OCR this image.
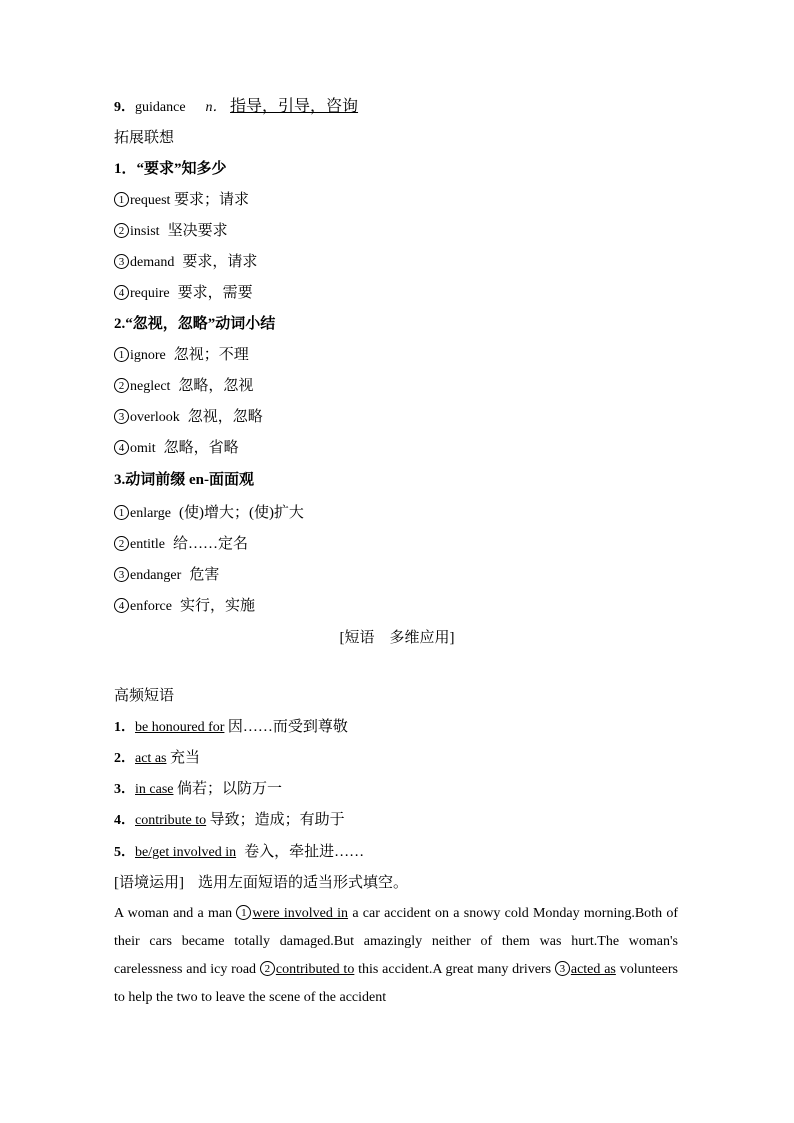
9．guidance n． 指导，引导，咨询
拓展联想
1．“要求”知多少
1 request 要求；请求
2 insist 坚决要求
3 demand 要求，请求
4 require 要求，需要
2.“忽视，忽略”动词小结
1 ignore 忽视；不理
2 neglect 忽略，忽视
3 overlook 忽视，忽略
4 omit 忽略，省略
3.动词前缀 en-面面观
1 enlarge (使)增大；(使)扩大
2 entitle 给……定名
3 endanger 危害
4 enforce 实行，实施
[短语　多维应用]
高频短语
1．be honoured for 因……而受到尊敬
2．act as 充当
3．in case 倘若；以防万一
4．contribute to 导致；造成；有助于
5．be/get involved in 卷入，牵扯进……
[语境运用] 选用左面短语的适当形式填空。
A woman and a man 1 were involved in a car accident on a snowy cold Monday morning.Both of their cars became totally damaged.But amazingly neither of them was hurt.The woman's carelessness and icy road 2 contributed to this accident.A great many drivers 3 acted as volunteers to help the two to leave the scene of the accident
